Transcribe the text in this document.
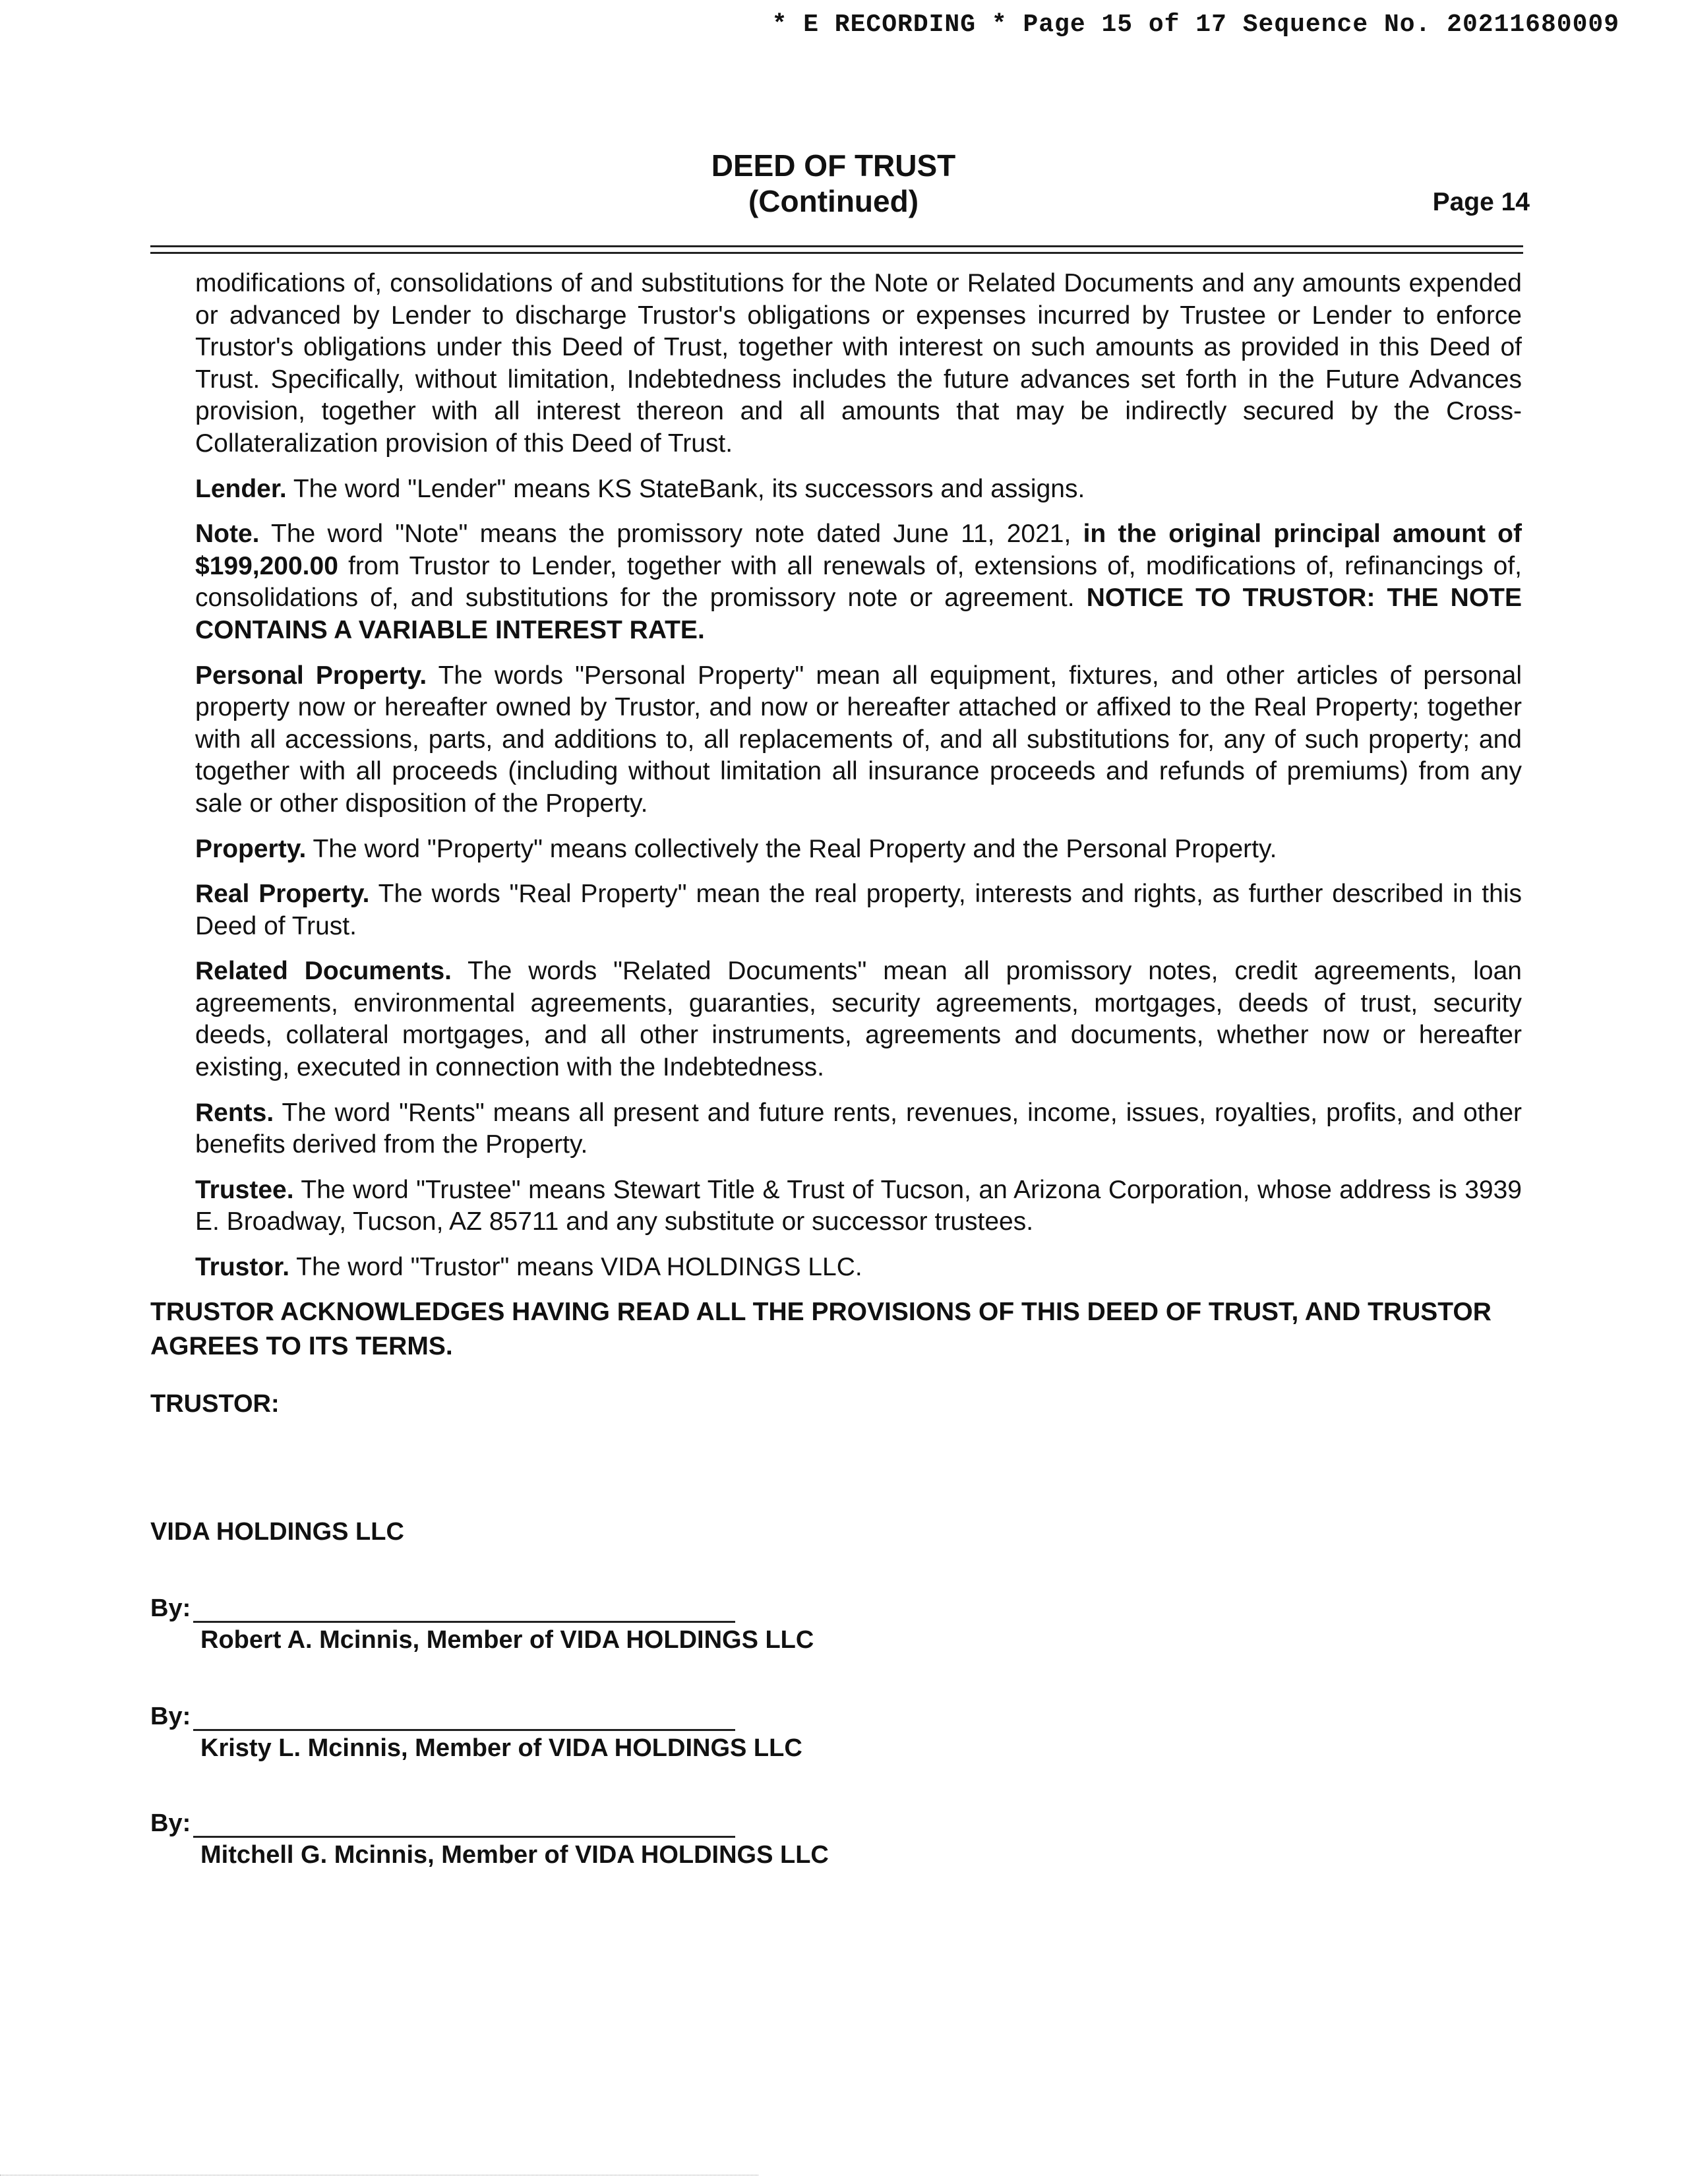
* E RECORDING * Page 15 of 17 Sequence No. 20211680009
DEED OF TRUST
(Continued)	Page 14

modifications of, consolidations of and substitutions for the Note or Related Documents and any amounts expended or advanced by Lender to discharge Trustor's obligations or expenses incurred by Trustee or Lender to enforce Trustor's obligations under this Deed of Trust, together with interest on such amounts as provided in this Deed of Trust. Specifically, without limitation, Indebtedness includes the future advances set forth in the Future Advances provision, together with all interest thereon and all amounts that may be indirectly secured by the Cross-Collateralization provision of this Deed of Trust.

Lender. The word "Lender" means KS StateBank, its successors and assigns.

Note. The word "Note" means the promissory note dated June 11, 2021, in the original principal amount of $199,200.00 from Trustor to Lender, together with all renewals of, extensions of, modifications of, refinancings of, consolidations of, and substitutions for the promissory note or agreement. NOTICE TO TRUSTOR: THE NOTE CONTAINS A VARIABLE INTEREST RATE.

Personal Property. The words "Personal Property" mean all equipment, fixtures, and other articles of personal property now or hereafter owned by Trustor, and now or hereafter attached or affixed to the Real Property; together with all accessions, parts, and additions to, all replacements of, and all substitutions for, any of such property; and together with all proceeds (including without limitation all insurance proceeds and refunds of premiums) from any sale or other disposition of the Property.

Property. The word "Property" means collectively the Real Property and the Personal Property.

Real Property. The words "Real Property" mean the real property, interests and rights, as further described in this Deed of Trust.

Related Documents. The words "Related Documents" mean all promissory notes, credit agreements, loan agreements, environmental agreements, guaranties, security agreements, mortgages, deeds of trust, security deeds, collateral mortgages, and all other instruments, agreements and documents, whether now or hereafter existing, executed in connection with the Indebtedness.

Rents. The word "Rents" means all present and future rents, revenues, income, issues, royalties, profits, and other benefits derived from the Property.

Trustee. The word "Trustee" means Stewart Title & Trust of Tucson, an Arizona Corporation, whose address is 3939 E. Broadway, Tucson, AZ 85711 and any substitute or successor trustees.

Trustor. The word "Trustor" means VIDA HOLDINGS LLC.

TRUSTOR ACKNOWLEDGES HAVING READ ALL THE PROVISIONS OF THIS DEED OF TRUST, AND TRUSTOR AGREES TO ITS TERMS.
TRUSTOR:
VIDA HOLDINGS LLC
By:
Robert A. Mcinnis, Member of VIDA HOLDINGS LLC
By:
Kristy L. Mcinnis, Member of VIDA HOLDINGS LLC
By:
Mitchell G. Mcinnis, Member of VIDA HOLDINGS LLC
